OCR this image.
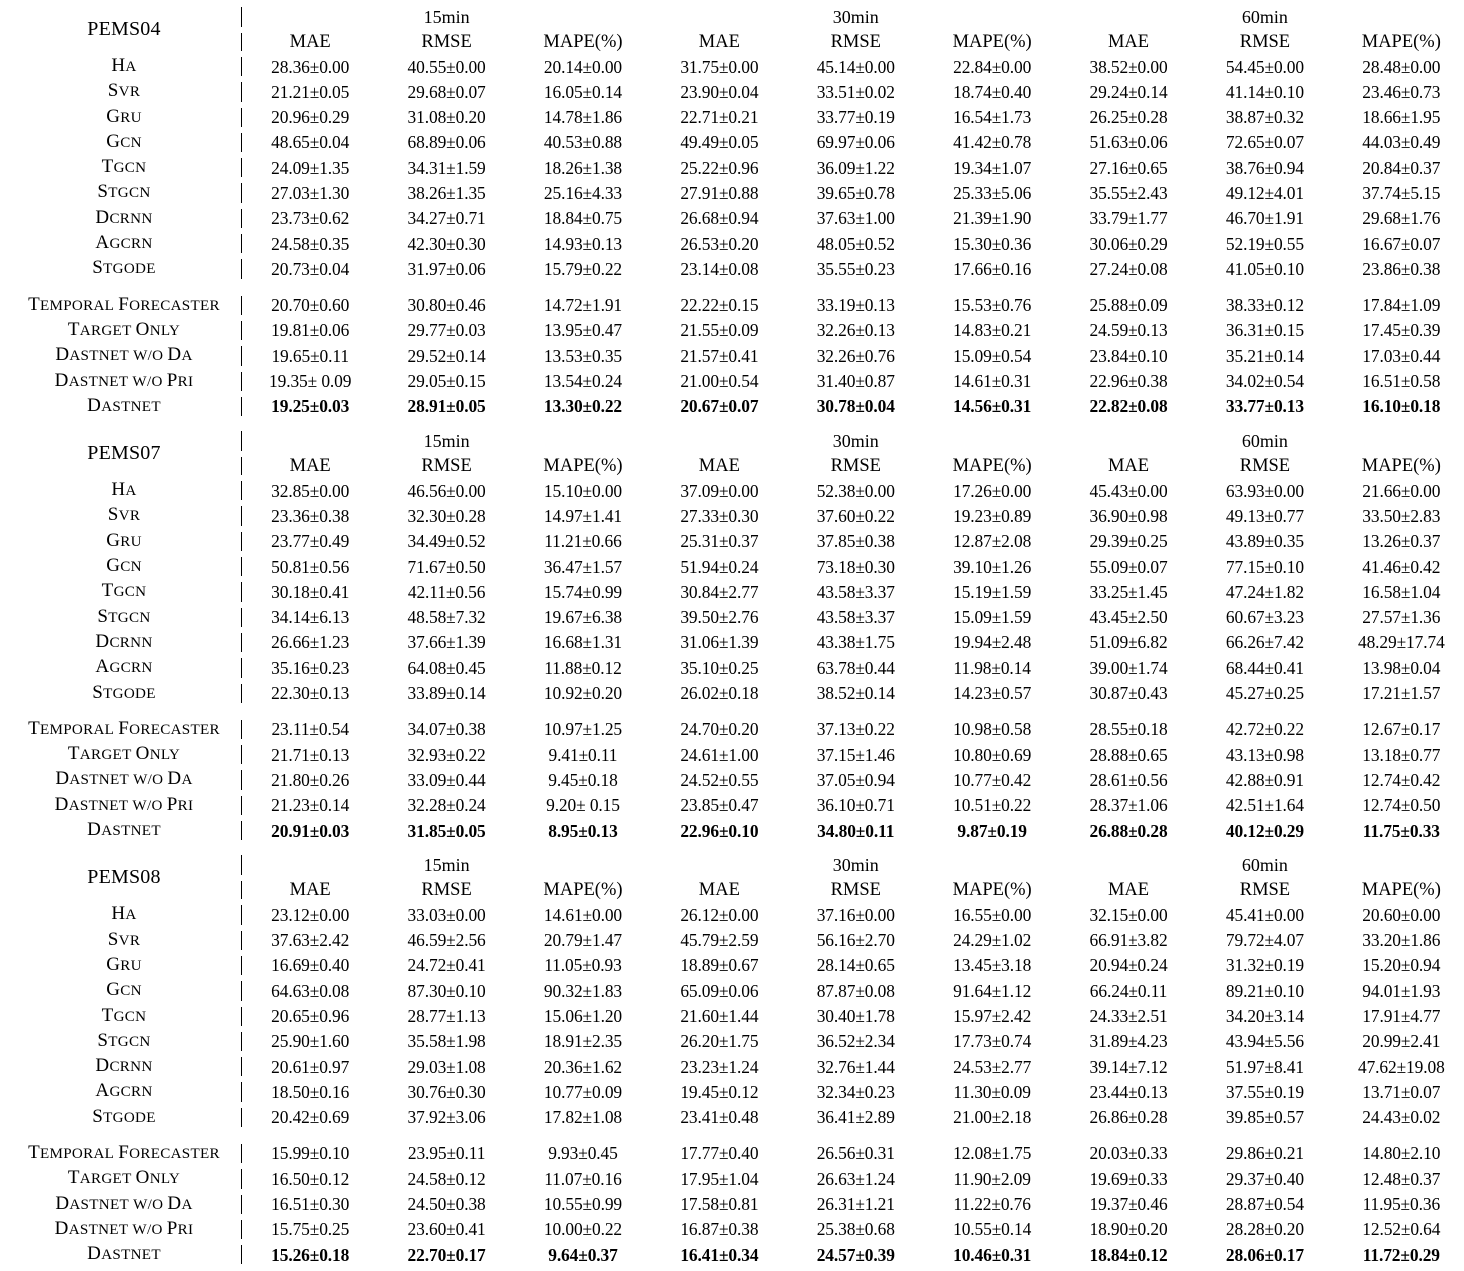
PEMS04	15min			30min			60min		
	MAE	RMSE	MAPE(%)	MAE	RMSE	MAPE(%)	MAE	RMSE	MAPE(%)

HA	28.36±0.00	40.55±0.00	20.14±0.00	31.75±0.00	45.14±0.00	22.84±0.00	38.52±0.00	54.45±0.00	28.48±0.00
SVR	21.21±0.05	29.68±0.07	16.05±0.14	23.90±0.04	33.51±0.02	18.74±0.40	29.24±0.14	41.14±0.10	23.46±0.73
GRU	20.96±0.29	31.08±0.20	14.78±1.86	22.71±0.21	33.77±0.19	16.54±1.73	26.25±0.28	38.87±0.32	18.66±1.95
GCN	48.65±0.04	68.89±0.06	40.53±0.88	49.49±0.05	69.97±0.06	41.42±0.78	51.63±0.06	72.65±0.07	44.03±0.49
TGCN	24.09±1.35	34.31±1.59	18.26±1.38	25.22±0.96	36.09±1.22	19.34±1.07	27.16±0.65	38.76±0.94	20.84±0.37
STGCN	27.03±1.30	38.26±1.35	25.16±4.33	27.91±0.88	39.65±0.78	25.33±5.06	35.55±2.43	49.12±4.01	37.74±5.15
DCRNN	23.73±0.62	34.27±0.71	18.84±0.75	26.68±0.94	37.63±1.00	21.39±1.90	33.79±1.77	46.70±1.91	29.68±1.76
AGCRN	24.58±0.35	42.30±0.30	14.93±0.13	26.53±0.20	48.05±0.52	15.30±0.36	30.06±0.29	52.19±0.55	16.67±0.07
STGODE	20.73±0.04	31.97±0.06	15.79±0.22	23.14±0.08	35.55±0.23	17.66±0.16	27.24±0.08	41.05±0.10	23.86±0.38

TEMPORAL FORECASTER	20.70±0.60	30.80±0.46	14.72±1.91	22.22±0.15	33.19±0.13	15.53±0.76	25.88±0.09	38.33±0.12	17.84±1.09
TARGET ONLY	19.81±0.06	29.77±0.03	13.95±0.47	21.55±0.09	32.26±0.13	14.83±0.21	24.59±0.13	36.31±0.15	17.45±0.39
DASTNET W/O DA	19.65±0.11	29.52±0.14	13.53±0.35	21.57±0.41	32.26±0.76	15.09±0.54	23.84±0.10	35.21±0.14	17.03±0.44
DASTNET W/O PRI	19.35± 0.09	29.05±0.15	13.54±0.24	21.00±0.54	31.40±0.87	14.61±0.31	22.96±0.38	34.02±0.54	16.51±0.58
DASTNET	19.25±0.03	28.91±0.05	13.30±0.22	20.67±0.07	30.78±0.04	14.56±0.31	22.82±0.08	33.77±0.13	16.10±0.18

PEMS07	15min			30min			60min		
	MAE	RMSE	MAPE(%)	MAE	RMSE	MAPE(%)	MAE	RMSE	MAPE(%)

HA	32.85±0.00	46.56±0.00	15.10±0.00	37.09±0.00	52.38±0.00	17.26±0.00	45.43±0.00	63.93±0.00	21.66±0.00
SVR	23.36±0.38	32.30±0.28	14.97±1.41	27.33±0.30	37.60±0.22	19.23±0.89	36.90±0.98	49.13±0.77	33.50±2.83
GRU	23.77±0.49	34.49±0.52	11.21±0.66	25.31±0.37	37.85±0.38	12.87±2.08	29.39±0.25	43.89±0.35	13.26±0.37
GCN	50.81±0.56	71.67±0.50	36.47±1.57	51.94±0.24	73.18±0.30	39.10±1.26	55.09±0.07	77.15±0.10	41.46±0.42
TGCN	30.18±0.41	42.11±0.56	15.74±0.99	30.84±2.77	43.58±3.37	15.19±1.59	33.25±1.45	47.24±1.82	16.58±1.04
STGCN	34.14±6.13	48.58±7.32	19.67±6.38	39.50±2.76	43.58±3.37	15.09±1.59	43.45±2.50	60.67±3.23	27.57±1.36
DCRNN	26.66±1.23	37.66±1.39	16.68±1.31	31.06±1.39	43.38±1.75	19.94±2.48	51.09±6.82	66.26±7.42	48.29±17.74
AGCRN	35.16±0.23	64.08±0.45	11.88±0.12	35.10±0.25	63.78±0.44	11.98±0.14	39.00±1.74	68.44±0.41	13.98±0.04
STGODE	22.30±0.13	33.89±0.14	10.92±0.20	26.02±0.18	38.52±0.14	14.23±0.57	30.87±0.43	45.27±0.25	17.21±1.57

TEMPORAL FORECASTER	23.11±0.54	34.07±0.38	10.97±1.25	24.70±0.20	37.13±0.22	10.98±0.58	28.55±0.18	42.72±0.22	12.67±0.17
TARGET ONLY	21.71±0.13	32.93±0.22	9.41±0.11	24.61±1.00	37.15±1.46	10.80±0.69	28.88±0.65	43.13±0.98	13.18±0.77
DASTNET W/O DA	21.80±0.26	33.09±0.44	9.45±0.18	24.52±0.55	37.05±0.94	10.77±0.42	28.61±0.56	42.88±0.91	12.74±0.42
DASTNET W/O PRI	21.23±0.14	32.28±0.24	9.20± 0.15	23.85±0.47	36.10±0.71	10.51±0.22	28.37±1.06	42.51±1.64	12.74±0.50
DASTNET	20.91±0.03	31.85±0.05	8.95±0.13	22.96±0.10	34.80±0.11	9.87±0.19	26.88±0.28	40.12±0.29	11.75±0.33

PEMS08	15min			30min			60min		
	MAE	RMSE	MAPE(%)	MAE	RMSE	MAPE(%)	MAE	RMSE	MAPE(%)

HA	23.12±0.00	33.03±0.00	14.61±0.00	26.12±0.00	37.16±0.00	16.55±0.00	32.15±0.00	45.41±0.00	20.60±0.00
SVR	37.63±2.42	46.59±2.56	20.79±1.47	45.79±2.59	56.16±2.70	24.29±1.02	66.91±3.82	79.72±4.07	33.20±1.86
GRU	16.69±0.40	24.72±0.41	11.05±0.93	18.89±0.67	28.14±0.65	13.45±3.18	20.94±0.24	31.32±0.19	15.20±0.94
GCN	64.63±0.08	87.30±0.10	90.32±1.83	65.09±0.06	87.87±0.08	91.64±1.12	66.24±0.11	89.21±0.10	94.01±1.93
TGCN	20.65±0.96	28.77±1.13	15.06±1.20	21.60±1.44	30.40±1.78	15.97±2.42	24.33±2.51	34.20±3.14	17.91±4.77
STGCN	25.90±1.60	35.58±1.98	18.91±2.35	26.20±1.75	36.52±2.34	17.73±0.74	31.89±4.23	43.94±5.56	20.99±2.41
DCRNN	20.61±0.97	29.03±1.08	20.36±1.62	23.23±1.24	32.76±1.44	24.53±2.77	39.14±7.12	51.97±8.41	47.62±19.08
AGCRN	18.50±0.16	30.76±0.30	10.77±0.09	19.45±0.12	32.34±0.23	11.30±0.09	23.44±0.13	37.55±0.19	13.71±0.07
STGODE	20.42±0.69	37.92±3.06	17.82±1.08	23.41±0.48	36.41±2.89	21.00±2.18	26.86±0.28	39.85±0.57	24.43±0.02

TEMPORAL FORECASTER	15.99±0.10	23.95±0.11	9.93±0.45	17.77±0.40	26.56±0.31	12.08±1.75	20.03±0.33	29.86±0.21	14.80±2.10
TARGET ONLY	16.50±0.12	24.58±0.12	11.07±0.16	17.95±1.04	26.63±1.24	11.90±2.09	19.69±0.33	29.37±0.40	12.48±0.37
DASTNET W/O DA	16.51±0.30	24.50±0.38	10.55±0.99	17.58±0.81	26.31±1.21	11.22±0.76	19.37±0.46	28.87±0.54	11.95±0.36
DASTNET W/O PRI	15.75±0.25	23.60±0.41	10.00±0.22	16.87±0.38	25.38±0.68	10.55±0.14	18.90±0.20	28.28±0.20	12.52±0.64
DASTNET	15.26±0.18	22.70±0.17	9.64±0.37	16.41±0.34	24.57±0.39	10.46±0.31	18.84±0.12	28.06±0.17	11.72±0.29
